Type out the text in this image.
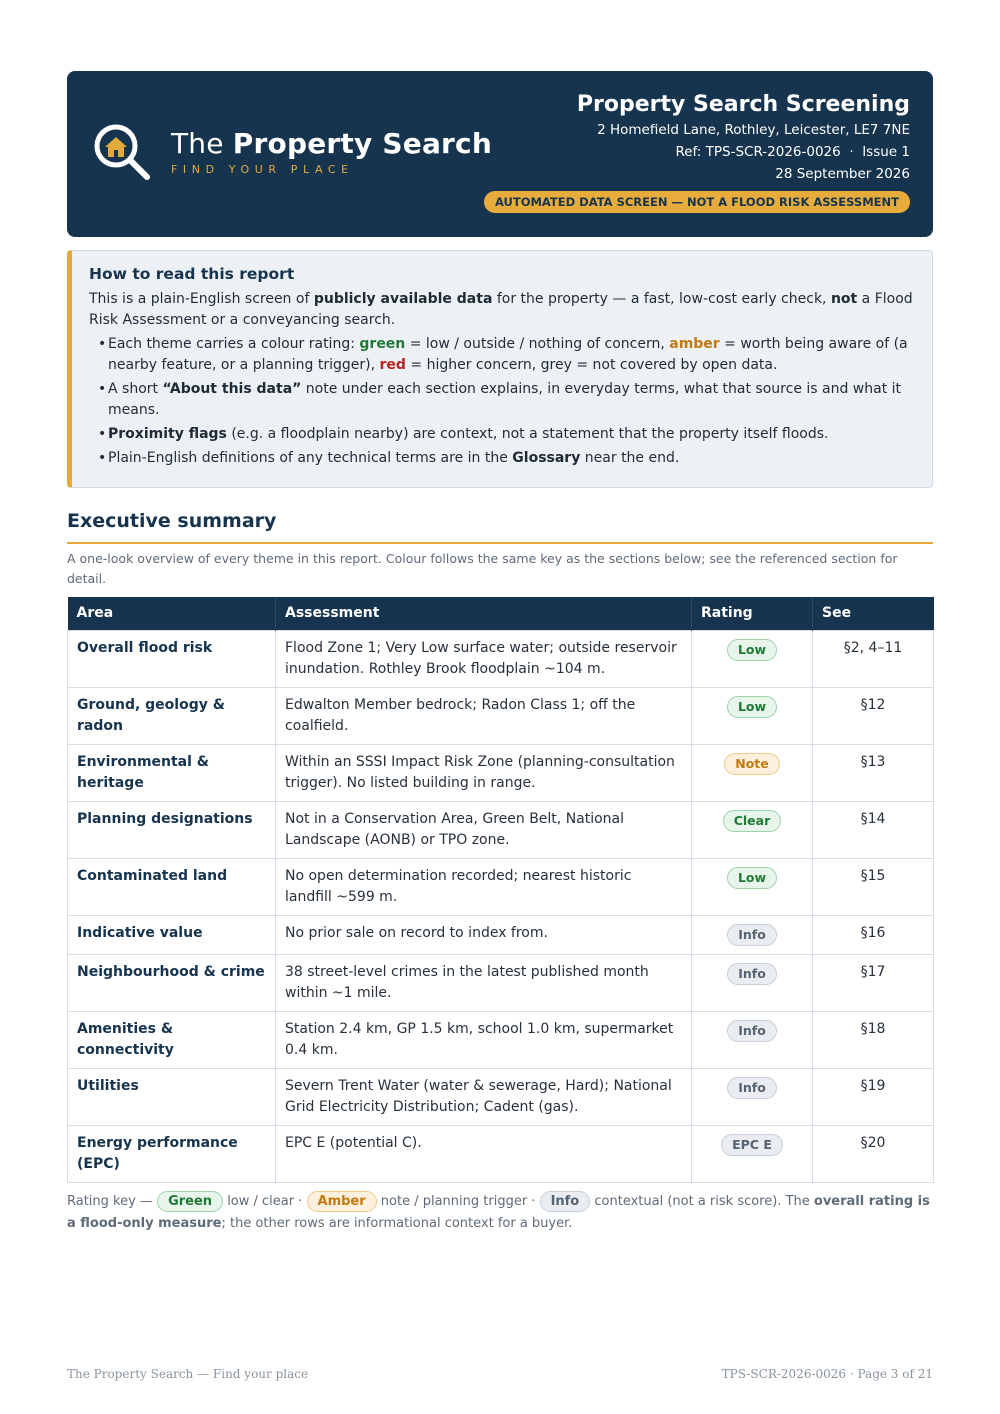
The Property Search
FIND YOUR PLACE
Property Search Screening
2 Homefield Lane, Rothley, Leicester, LE7 7NE
Ref: TPS-SCR-2026-0026  ·  Issue 1
28 September 2026
AUTOMATED DATA SCREEN — NOT A FLOOD RISK ASSESSMENT
How to read this report
This is a plain-English screen of publicly available data for the property — a fast, low-cost early check, not a Flood Risk Assessment or a conveyancing search.
• Each theme carries a colour rating: green = low / outside / nothing of concern, amber = worth being aware of (a nearby feature, or a planning trigger), red = higher concern, grey = not covered by open data.
• A short “About this data” note under each section explains, in everyday terms, what that source is and what it means.
• Proximity flags (e.g. a floodplain nearby) are context, not a statement that the property itself floods.
• Plain-English definitions of any technical terms are in the Glossary near the end.
Executive summary
A one-look overview of every theme in this report. Colour follows the same key as the sections below; see the referenced section for detail.
Area	Assessment	Rating	See
Overall flood risk	Flood Zone 1; Very Low surface water; outside reservoir inundation. Rothley Brook floodplain ~104 m.	Low	§2, 4–11
Ground, geology & radon	Edwalton Member bedrock; Radon Class 1; off the coalfield.	Low	§12
Environmental & heritage	Within an SSSI Impact Risk Zone (planning-consultation trigger). No listed building in range.	Note	§13
Planning designations	Not in a Conservation Area, Green Belt, National Landscape (AONB) or TPO zone.	Clear	§14
Contaminated land	No open determination recorded; nearest historic landfill ~599 m.	Low	§15
Indicative value	No prior sale on record to index from.	Info	§16
Neighbourhood & crime	38 street-level crimes in the latest published month within ~1 mile.	Info	§17
Amenities & connectivity	Station 2.4 km, GP 1.5 km, school 1.0 km, supermarket 0.4 km.	Info	§18
Utilities	Severn Trent Water (water & sewerage, Hard); National Grid Electricity Distribution; Cadent (gas).	Info	§19
Energy performance (EPC)	EPC E (potential C).	EPC E	§20
Rating key — Green low / clear · Amber note / planning trigger · Info contextual (not a risk score). The overall rating is a flood-only measure; the other rows are informational context for a buyer.
The Property Search — Find your place	TPS-SCR-2026-0026 · Page 3 of 21
